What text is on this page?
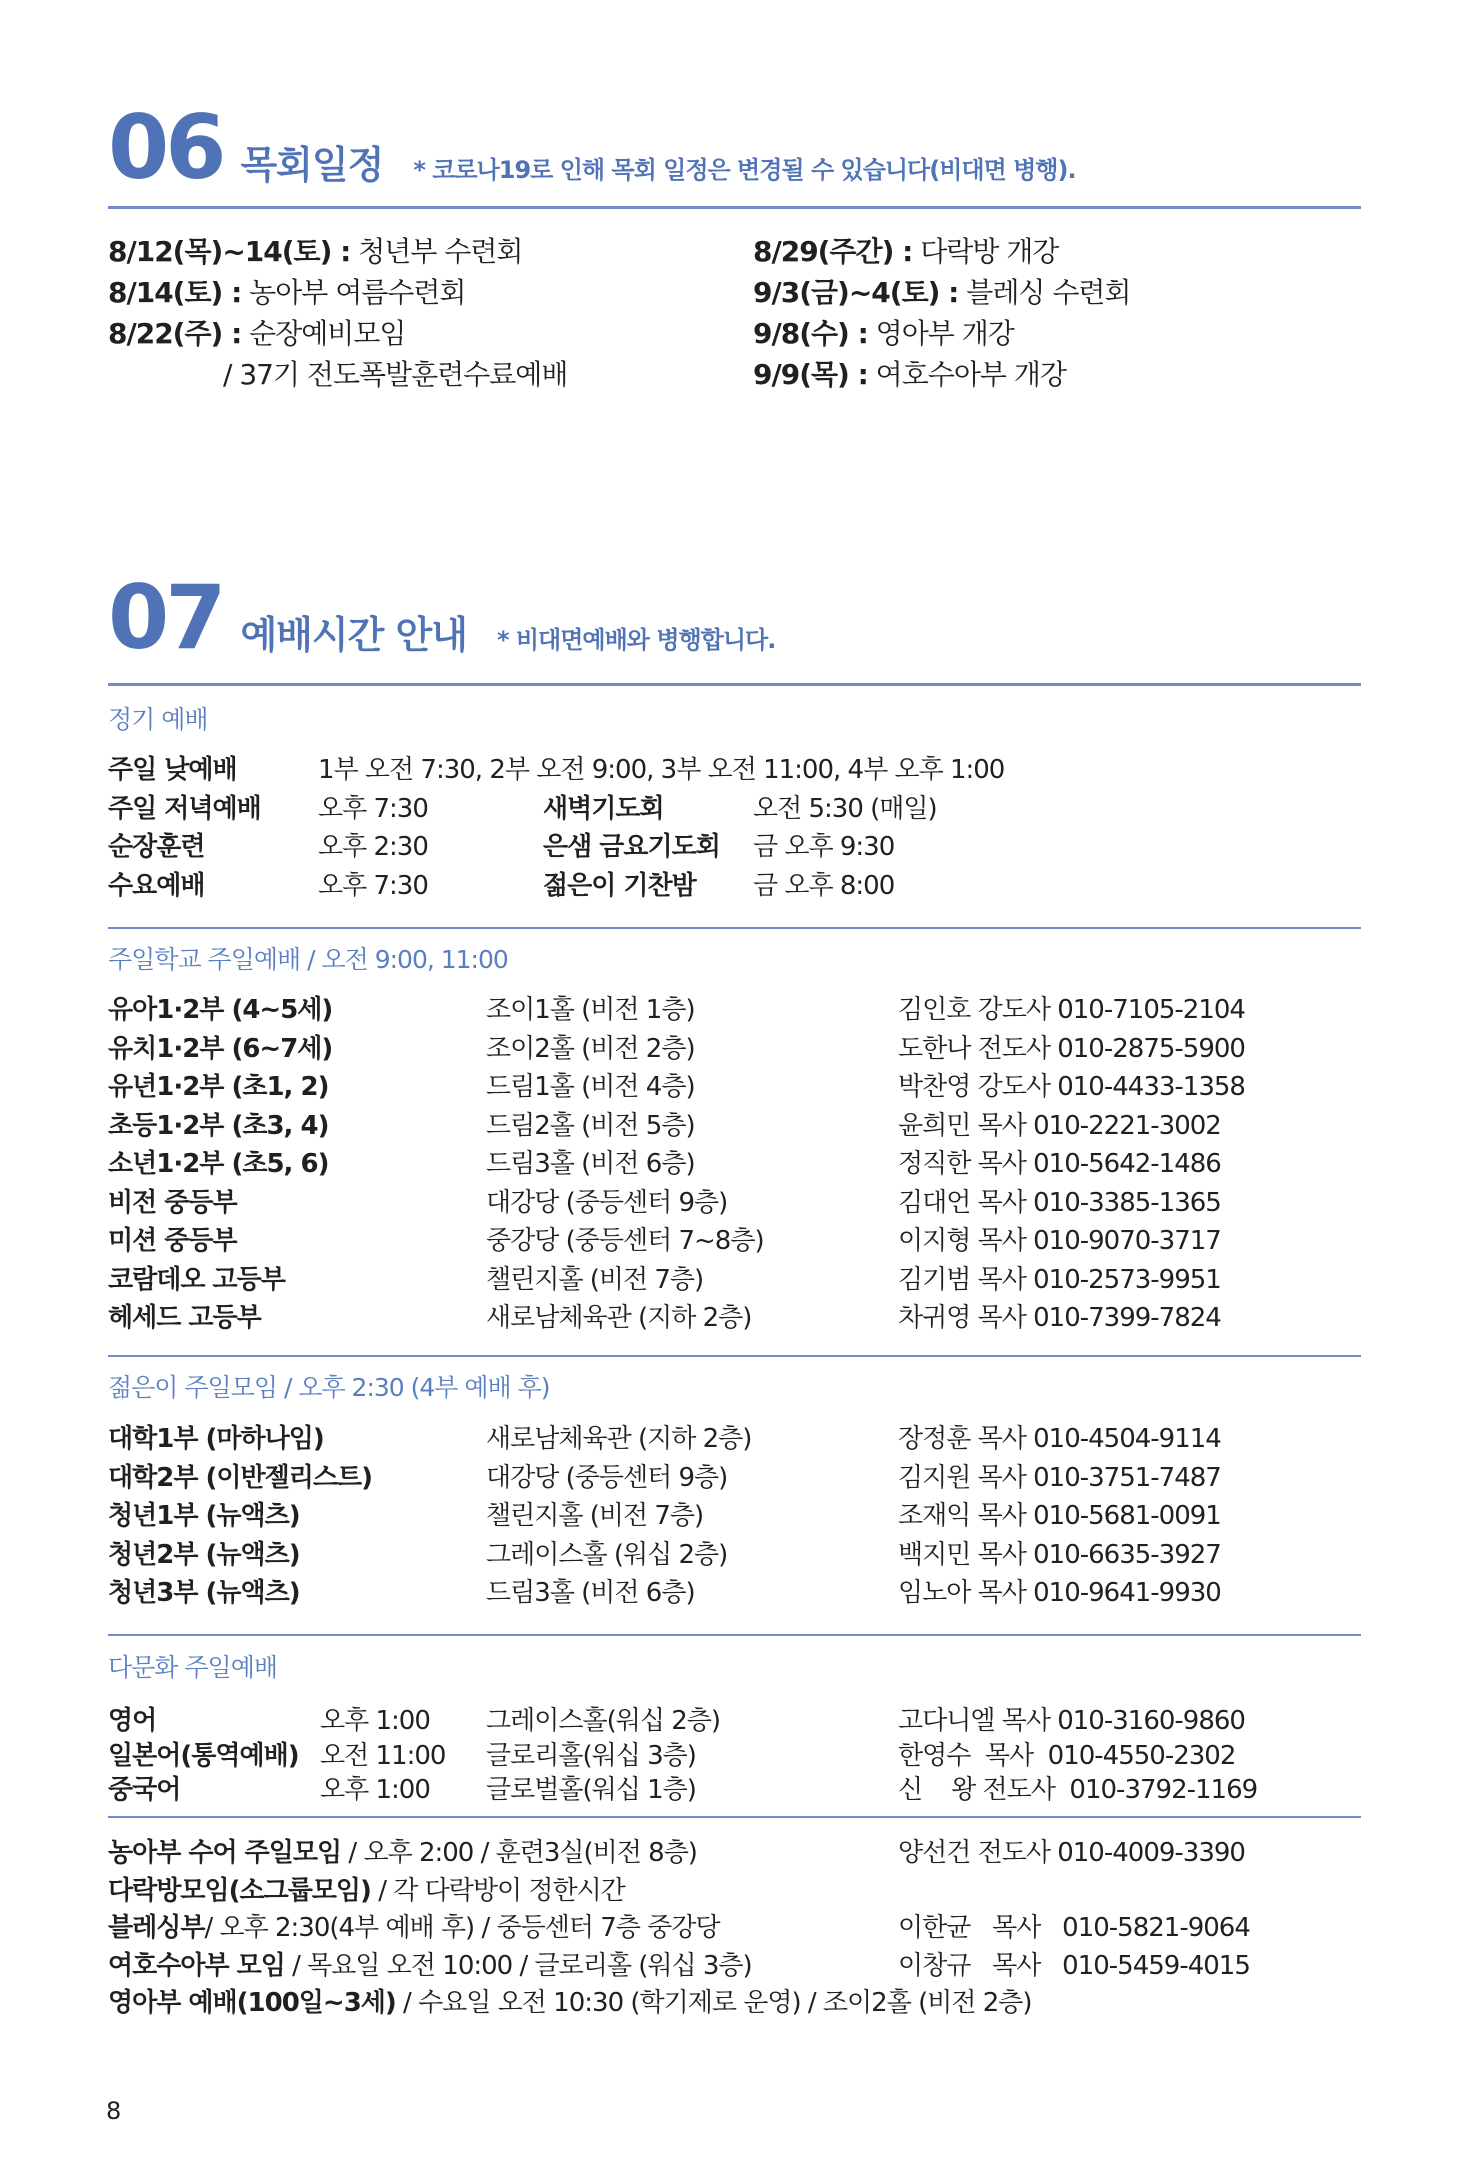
06 목회일정 * 코로나19로 인해 목회 일정은 변경될 수 있습니다(비대면 병행).
8/12(목)~14(토) : 청년부 수련회
8/14(토) : 농아부 여름수련회
8/22(주) : 순장예비모임
/ 37기 전도폭발훈련수료예배
8/29(주간) : 다락방 개강
9/3(금)~4(토) : 블레싱 수련회
9/8(수) : 영아부 개강
9/9(목) : 여호수아부 개강
07 예배시간 안내 * 비대면예배와 병행합니다.
정기 예배
주일 낮예배	1부 오전 7:30, 2부 오전 9:00, 3부 오전 11:00, 4부 오후 1:00
주일 저녁예배 오후 7:30	새벽기도회	오전 5:30 (매일)
순장훈련	오후 2:30	은샘 금요기도회 금 오후 9:30
수요예배	오후 7:30	젊은이 기찬밤 금 오후 8:00
주일학교 주일예배 / 오전 9:00, 11:00
유아1·2부 (4~5세)	조이1홀 (비전 1층)	김인호 강도사 010-7105-2104
유치1·2부 (6~7세)	조이2홀 (비전 2층)	도한나 전도사 010-2875-5900
유년1·2부 (초1, 2)	드림1홀 (비전 4층)	박찬영 강도사 010-4433-1358
초등1·2부 (초3, 4)	드림2홀 (비전 5층)	윤희민 목사 010-2221-3002
소년1·2부 (초5, 6)	드림3홀 (비전 6층)	정직한 목사 010-5642-1486
비전 중등부	대강당 (중등센터 9층)	김대언 목사 010-3385-1365
미션 중등부	중강당 (중등센터 7~8층)	이지형 목사 010-9070-3717
코람데오 고등부	챌린지홀 (비전 7층)	김기범 목사 010-2573-9951
헤세드 고등부	새로남체육관 (지하 2층)	차귀영 목사 010-7399-7824
젊은이 주일모임 / 오후 2:30 (4부 예배 후)
대학1부 (마하나임)	새로남체육관 (지하 2층)	장정훈 목사 010-4504-9114
대학2부 (이반젤리스트)	대강당 (중등센터 9층)	김지원 목사 010-3751-7487
청년1부 (뉴액츠)	챌린지홀 (비전 7층)	조재익 목사 010-5681-0091
청년2부 (뉴액츠)	그레이스홀 (워십 2층)	백지민 목사 010-6635-3927
청년3부 (뉴액츠)	드림3홀 (비전 6층)	임노아 목사 010-9641-9930
다문화 주일예배
영어	오후 1:00 그레이스홀(워십 2층)	고다니엘 목사 010-3160-9860
일본어(통역예배) 오전 11:00 글로리홀(워십 3층)	한영수  목사  010-4550-2302
중국어	오후 1:00 글로벌홀(워십 1층)	신    왕 전도사  010-3792-1169
농아부 수어 주일모임 / 오후 2:00 / 훈련3실(비전 8층)	양선건 전도사 010-4009-3390
다락방모임(소그룹모임) / 각 다락방이 정한시간
블레싱부/ 오후 2:30(4부 예배 후) / 중등센터 7층 중강당	이한균   목사   010-5821-9064
여호수아부 모임 / 목요일 오전 10:00 / 글로리홀 (워십 3층)	이창규   목사   010-5459-4015
영아부 예배(100일~3세) / 수요일 오전 10:30 (학기제로 운영) / 조이2홀 (비전 2층)
8
